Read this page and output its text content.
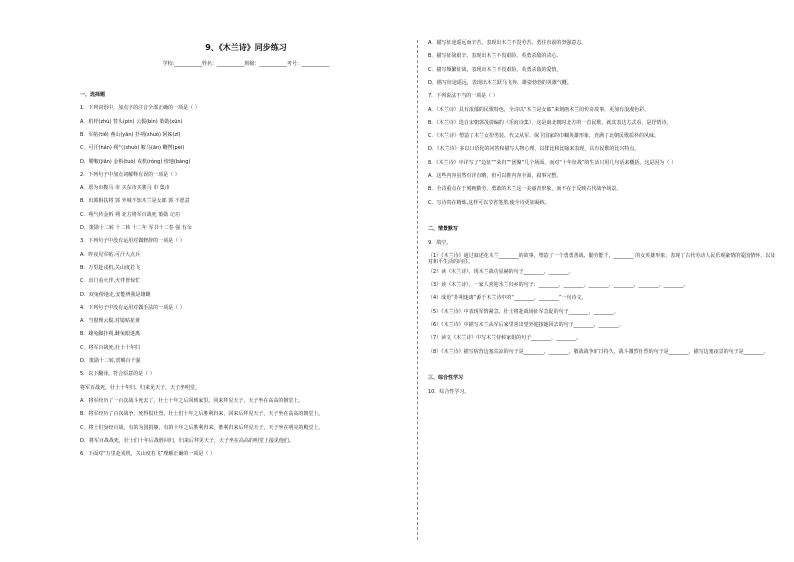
9、《木兰诗》同步练习
学校:___________姓名：___________班级：___________考号：___________
一、选择题
1．下列词语中，加点字的注音全部正确的一项是（ ）
A．机杼(zhù) 替头(pín) 云鬓(bìn) 策勋(xūn)
B．军帖(tiě) 燕山(yān) 扑朔(shuò) 阿姊(zǐ)
C．可汗(hán) 朔气(shuò) 鞍马(ān) 鞭辔(pèi)
D．鞯鞍(jiān) 金柝(tuò) 戎机(róng) 傍地(bàng)
2．下列句子中加点词解释有误的一项是（ ）
A．愿为市鞍马 市 买东市买骏马 市 集市
B．出郭相扶将 郭 外城不知木兰是女郎 郭 不愿意
C．朔气传金柝 朔 北方将军百战死 策勋 记功
D．策勋十二转 十二转 十二年 军书十二卷 强 有余
3．下列句子中没有运用对偶修辞的一项是（ ）
A．昨夜见军帖,可汗大点兵
B．万里赴戎机,关山度若飞
C．出门看火伴,火伴皆惊忙
D．双兔傍地走,安能辨我是雄雌
4．下列句子中没有运用对偶手法的一项是（ ）
A．当窗理云鬓,对镜贴花黄
B．雄兔脚扑朔,雌兔眼迷离
C．将军百战死,壮士十年归
D．策勋十二转,赏赐百千强
5．以下翻译，符合原意的是（ ）
将军百战死，壮士十年归。归来见天子，天子坐明堂。
A．将军经历了一百次战斗死去了，壮士十年之后回到家里。回来拜见天子，天子坐在高高的朝堂上。
B．将军经历了百次战争，死得很壮烈，壮士们十年之后胜利归来，回来后拜见天子，天子坐在高高的朝堂上。
C．将士们身经百战，有的为国捐躯，有的十年之后胜利归来。胜利归来后拜见天子，天子坐在明亮的殿堂上。
D．将军百战战死，壮士们十年后战胜回归，归来后拜见天子，天子坐在高高的明堂上接见他们。
6．下面对“万里赴戎机，关山度若飞”理解正确的一项是（ ）
A．描写征途遥远而辛苦，表现出木兰不畏劳苦、勇往直前的坚强意志。
B．描写征战艰辛，表现出木兰不畏艰险、英勇杀敌的决心。
C．描写频繁征战，表现出木兰不畏艰险、英勇杀敌的爱情。
D．描写征途遥远，表现出木兰跃马飞奔、雄姿勃勃的英雄气概。
7．下列说法不当的一项是（ ）
A．《木兰诗》具有浓郁的民歌特色，全诗以“木兰是女郎”来刻画木兰的传奇故事，更加有浪漫色彩。
B．《木兰诗》选自宋朝郭茂倩编的《乐府诗集》，这是南北朝时北方的一首民歌，就其表达方式看，是抒情诗。
C．《木兰诗》塑造了木兰女扮男装、代父从军、保卫国家的巾帼英雄形象，充满了北朝民歌质朴的风味。
D．《木兰诗》多以口语化的问答和描写人物心理，以排比和比喻来表现，具有民歌的比兴特点。
8．《木兰诗》中详写了“边征”“荣归”“团聚”几个场面，而对“十年征战”的生活只用几句话来概括，这是因为（ ）
A．这些内容虽然有详有略，但可以推内容全面，叙事完整。
B．全诗重点在于刻画勤劳、勇敢的木兰这一美丽青形象，而不在于反映古代战争场景。
C．写诗贵在精炼,这样可以节省笔墨,使全诗更加凝练。
二、情景默写
9．填空。
（1）《木兰诗》通过叙述花木兰________的故事，塑造了一个勇勇善战、勤劳能干、________ 的女英雄形象，表现了古代劳动人民乐观豪情的爱国情怀，以及对和平生活的向往。
（2）读《木兰诗》，现木兰战功显赫的句子________，________。
（3）读《木兰诗》，一家人喜迎木兰归乡的句子：________，________，________，________，________，________。
（4）成语“扑朔迷离”源于木兰诗中的“________，________”一句诗文。
（5）《木兰诗》中表现军情紧急、壮士将赴战场征军急促的句子________，________。
（6）《木兰诗》中描写木兰从军后家里喜出望外迎接她回去的句子________，________。
（7）读文《木兰诗》中写木兰侍候家姐的句子________，________。
（8）《木兰诗》描写宿营边塞荒凉的句子是________，________。敬战战争旷日持久，战斗激烈壮烈的句子是________，描写边塞夜景的句子是________。
三、综合性学习
10．综合性学习。
